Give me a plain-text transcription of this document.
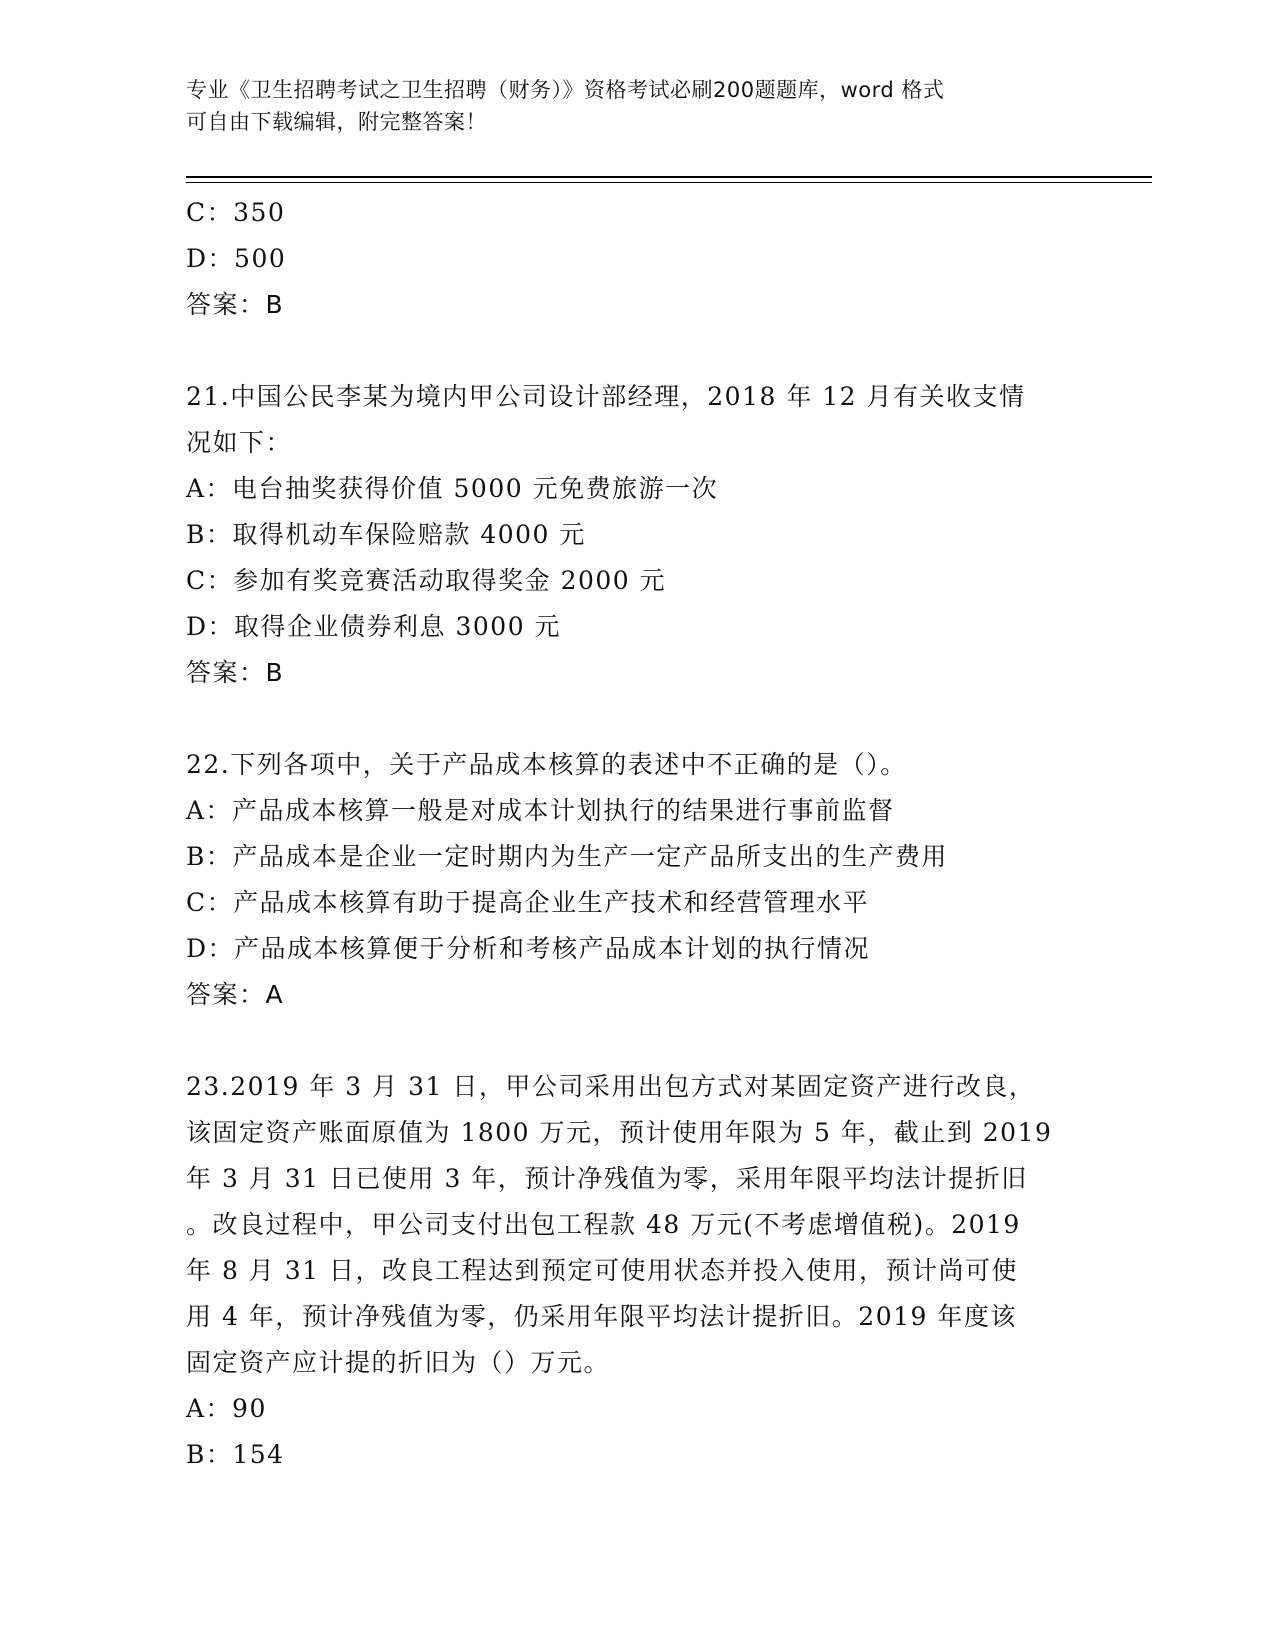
专业《卫生招聘考试之卫生招聘（财务）》资格考试必刷200题题库，word 格式
可自由下载编辑，附完整答案！
C：350
D：500
答案：B
21.中国公民李某为境内甲公司设计部经理，2018 年 12 月有关收支情
况如下：
A：电台抽奖获得价值 5000 元免费旅游一次
B：取得机动车保险赔款 4000 元
C：参加有奖竞赛活动取得奖金 2000 元
D：取得企业债券利息 3000 元
答案：B
22.下列各项中，关于产品成本核算的表述中不正确的是（）。
A：产品成本核算一般是对成本计划执行的结果进行事前监督
B：产品成本是企业一定时期内为生产一定产品所支出的生产费用
C：产品成本核算有助于提高企业生产技术和经营管理水平
D：产品成本核算便于分析和考核产品成本计划的执行情况
答案：A
23.2019 年 3 月 31 日，甲公司采用出包方式对某固定资产进行改良，
该固定资产账面原值为 1800 万元，预计使用年限为 5 年，截止到 2019
年 3 月 31 日已使用 3 年，预计净残值为零，采用年限平均法计提折旧
。改良过程中，甲公司支付出包工程款 48 万元(不考虑增值税)。2019
年 8 月 31 日，改良工程达到预定可使用状态并投入使用，预计尚可使
用 4 年，预计净残值为零，仍采用年限平均法计提折旧。2019 年度该
固定资产应计提的折旧为（）万元。
A：90
B：154
